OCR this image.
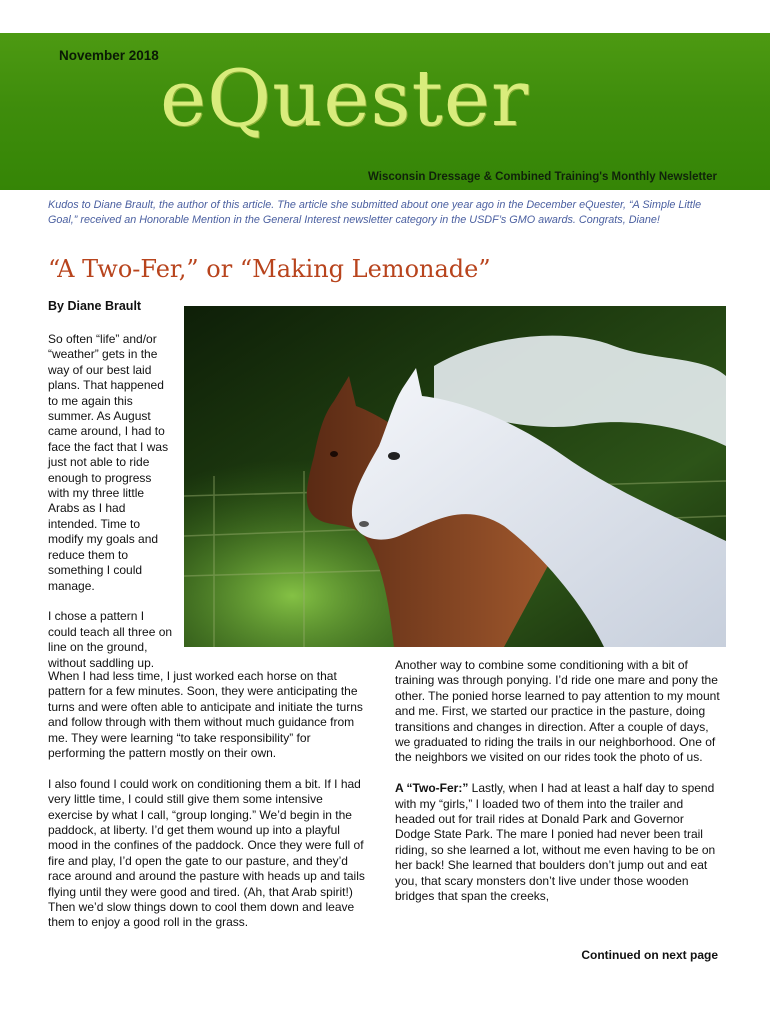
November 2018 eQuester
Wisconsin Dressage & Combined Training's Monthly Newsletter
Kudos to Diane Brault, the author of this article. The article she submitted about one year ago in the December eQuester, “A Simple Little Goal,” received an Honorable Mention in the General Interest newsletter category in the USDF’s GMO awards. Congrats, Diane!
“A Two-Fer,” or “Making Lemonade”
By Diane Brault

So often “life” and/or “weather” gets in the way of our best laid plans. That happened to me again this summer. As August came around, I had to face the fact that I was just not able to ride enough to progress with my three little Arabs as I had intended. Time to modify my goals and reduce them to something I could manage.

I chose a pattern I could teach all three on line on the ground, without saddling up.

When I had less time, I just worked each horse on that pattern for a few minutes. Soon, they were anticipating the turns and were often able to anticipate and initiate the turns and follow through with them without much guidance from me. They were learning “to take responsibility” for performing the pattern mostly on their own.

I also found I could work on conditioning them a bit. If I had very little time, I could still give them some intensive exercise by what I call, “group longing.” We’d begin in the paddock, at liberty. I’d get them wound up into a playful mood in the confines of the paddock. Once they were full of fire and play, I’d open the gate to our pasture, and they’d race around and around the pasture with heads up and tails flying until they were good and tired. (Ah, that Arab spirit!) Then we’d slow things down to cool them down and leave them to enjoy a good roll in the grass.

Another way to combine some conditioning with a bit of training was through ponying. I’d ride one mare and pony the other. The ponied horse learned to pay attention to my mount and me. First, we started our practice in the pasture, doing transitions and changes in direction. After a couple of days, we graduated to riding the trails in our neighborhood. One of the neighbors we visited on our rides took the photo of us.

A “Two-Fer:” Lastly, when I had at least a half day to spend with my “girls,” I loaded two of them into the trailer and headed out for trail rides at Donald Park and Governor Dodge State Park. The mare I ponied had never been trail riding, so she learned a lot, without me even having to be on her back! She learned that boulders don’t jump out and eat you, that scary monsters don’t live under those wooden bridges that span the creeks,

Continued on next page
